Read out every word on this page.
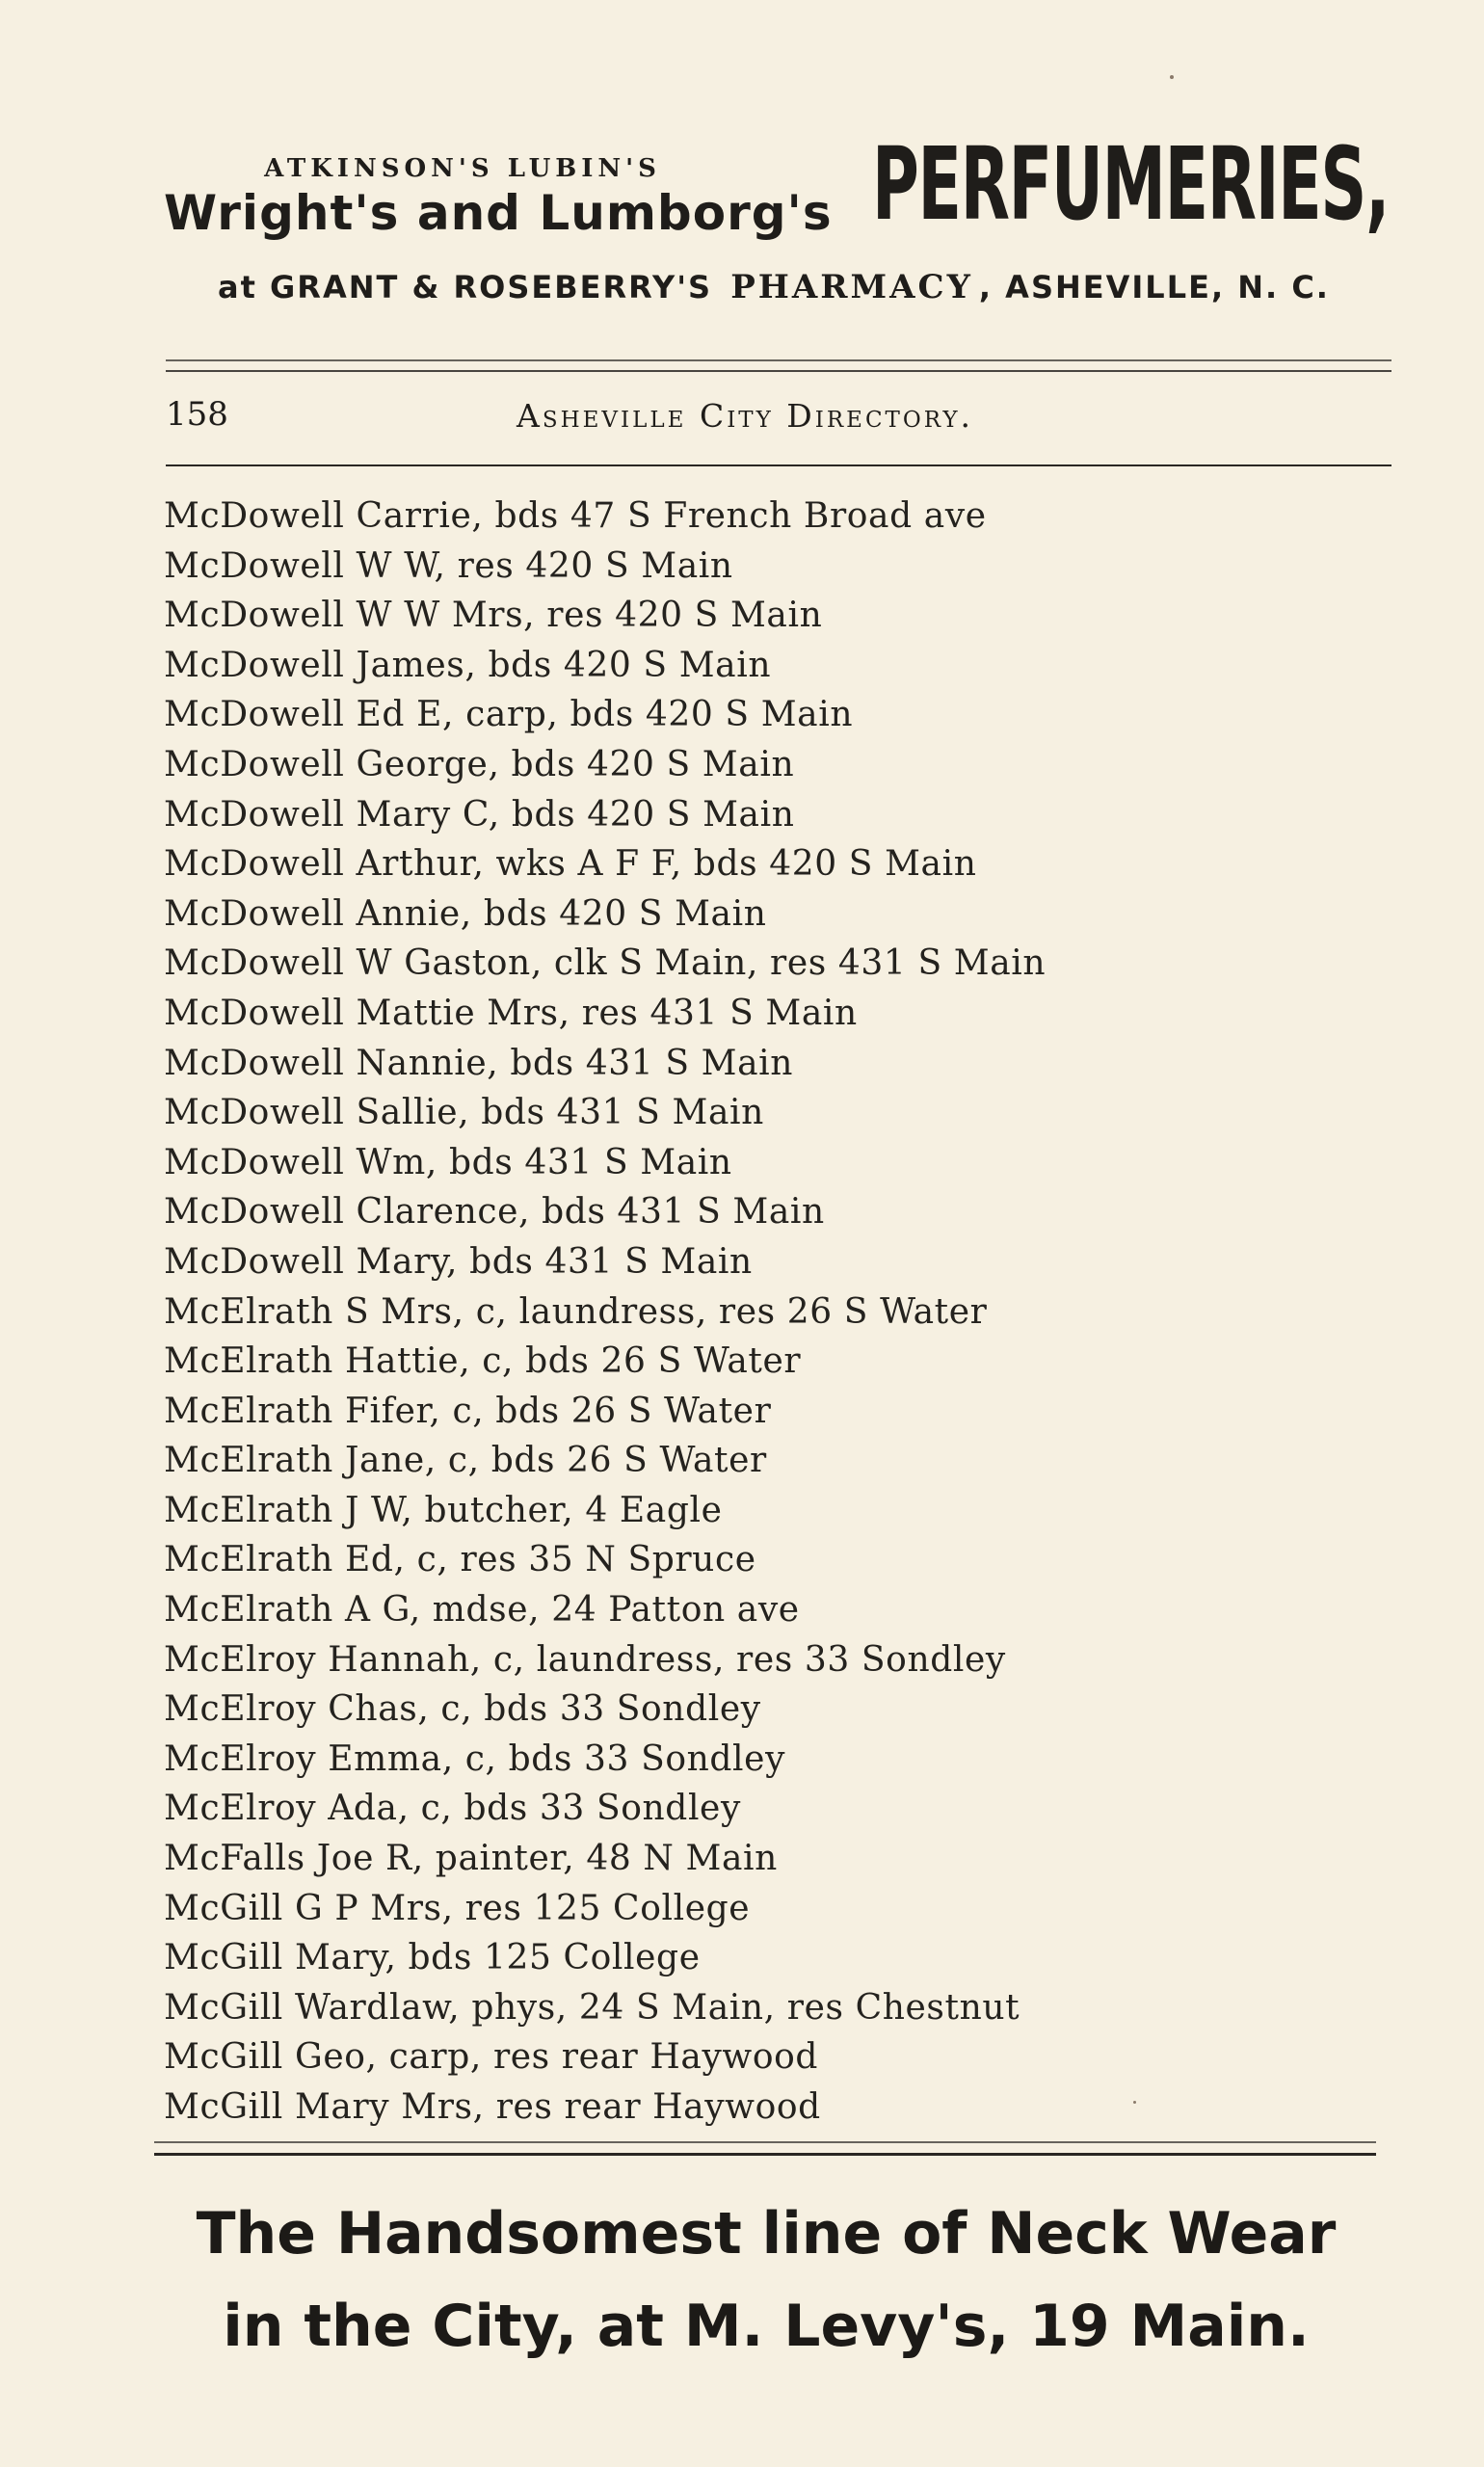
ATKINSON'S LUBIN'S
Wright's and Lumborg's PERFUMERIES,
at GRANT & ROSEBERRY'S PHARMACY , ASHEVILLE, N. C.
158	Asheville City Directory.
McDowell Carrie, bds 47 S French Broad ave
McDowell W W, res 420 S Main
McDowell W W Mrs, res 420 S Main
McDowell James, bds 420 S Main
McDowell Ed E, carp, bds 420 S Main
McDowell George, bds 420 S Main
McDowell Mary C, bds 420 S Main
McDowell Arthur, wks A F F, bds 420 S Main
McDowell Annie, bds 420 S Main
McDowell W Gaston, clk S Main, res 431 S Main
McDowell Mattie Mrs, res 431 S Main
McDowell Nannie, bds 431 S Main
McDowell Sallie, bds 431 S Main
McDowell Wm, bds 431 S Main
McDowell Clarence, bds 431 S Main
McDowell Mary, bds 431 S Main
McElrath S Mrs, c, laundress, res 26 S Water
McElrath Hattie, c, bds 26 S Water
McElrath Fifer, c, bds 26 S Water
McElrath Jane, c, bds 26 S Water
McElrath J W, butcher, 4 Eagle
McElrath Ed, c, res 35 N Spruce
McElrath A G, mdse, 24 Patton ave
McElroy Hannah, c, laundress, res 33 Sondley
McElroy Chas, c, bds 33 Sondley
McElroy Emma, c, bds 33 Sondley
McElroy Ada, c, bds 33 Sondley
McFalls Joe R, painter, 48 N Main
McGill G P Mrs, res 125 College
McGill Mary, bds 125 College
McGill Wardlaw, phys, 24 S Main, res Chestnut
McGill Geo, carp, res rear Haywood
McGill Mary Mrs, res rear Haywood
The Handsomest line of Neck Wear
in the City, at M. Levy's, 19 Main.
